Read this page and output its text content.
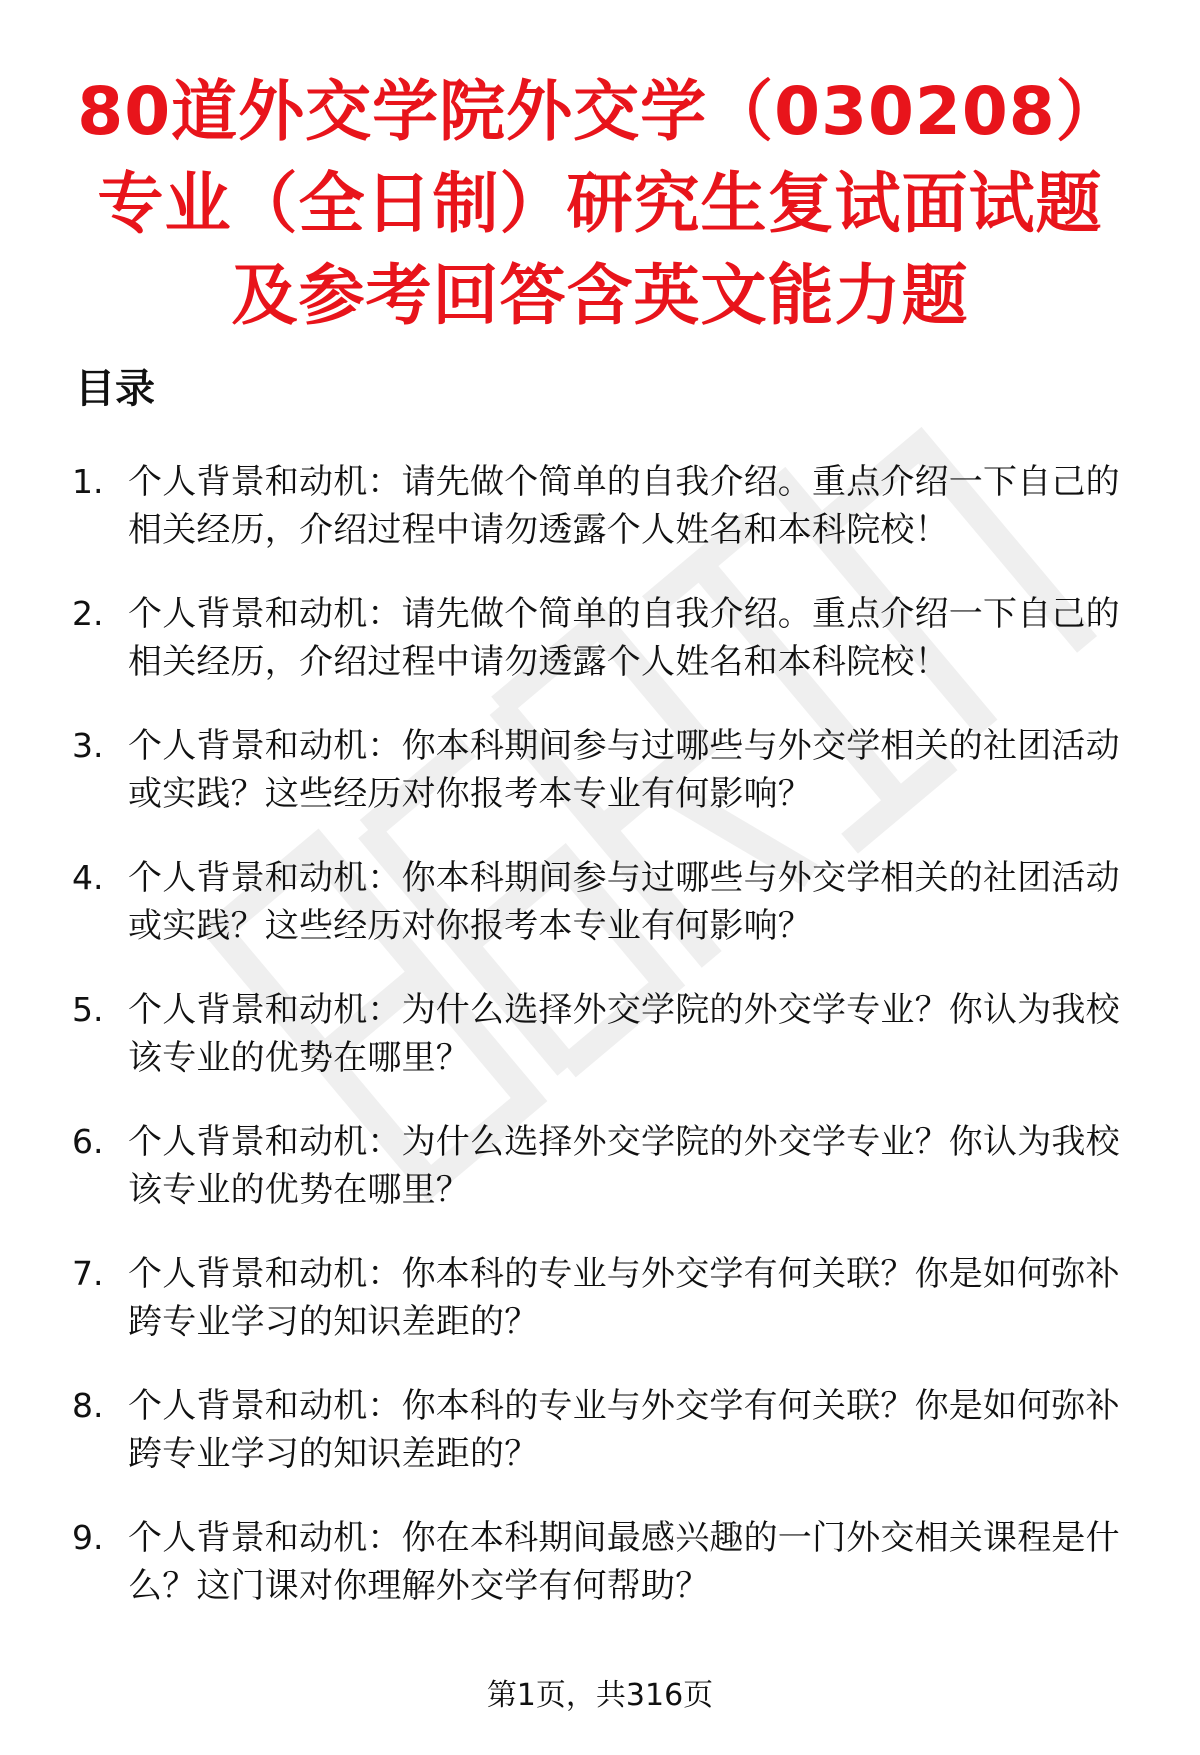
80道外交学院外交学（030208）
专业（全日制）研究生复试面试题
及参考回答含英文能力题
目录
1. 个人背景和动机：请先做个简单的自我介绍。重点介绍一下自己的相关经历，介绍过程中请勿透露个人姓名和本科院校！
2. 个人背景和动机：请先做个简单的自我介绍。重点介绍一下自己的相关经历，介绍过程中请勿透露个人姓名和本科院校！
3. 个人背景和动机：你本科期间参与过哪些与外交学相关的社团活动或实践？这些经历对你报考本专业有何影响？
4. 个人背景和动机：你本科期间参与过哪些与外交学相关的社团活动或实践？这些经历对你报考本专业有何影响？
5. 个人背景和动机：为什么选择外交学院的外交学专业？你认为我校该专业的优势在哪里？
6. 个人背景和动机：为什么选择外交学院的外交学专业？你认为我校该专业的优势在哪里？
7. 个人背景和动机：你本科的专业与外交学有何关联？你是如何弥补跨专业学习的知识差距的？
8. 个人背景和动机：你本科的专业与外交学有何关联？你是如何弥补跨专业学习的知识差距的？
9. 个人背景和动机：你在本科期间最感兴趣的一门外交相关课程是什么？这门课对你理解外交学有何帮助？
第1页，共316页
